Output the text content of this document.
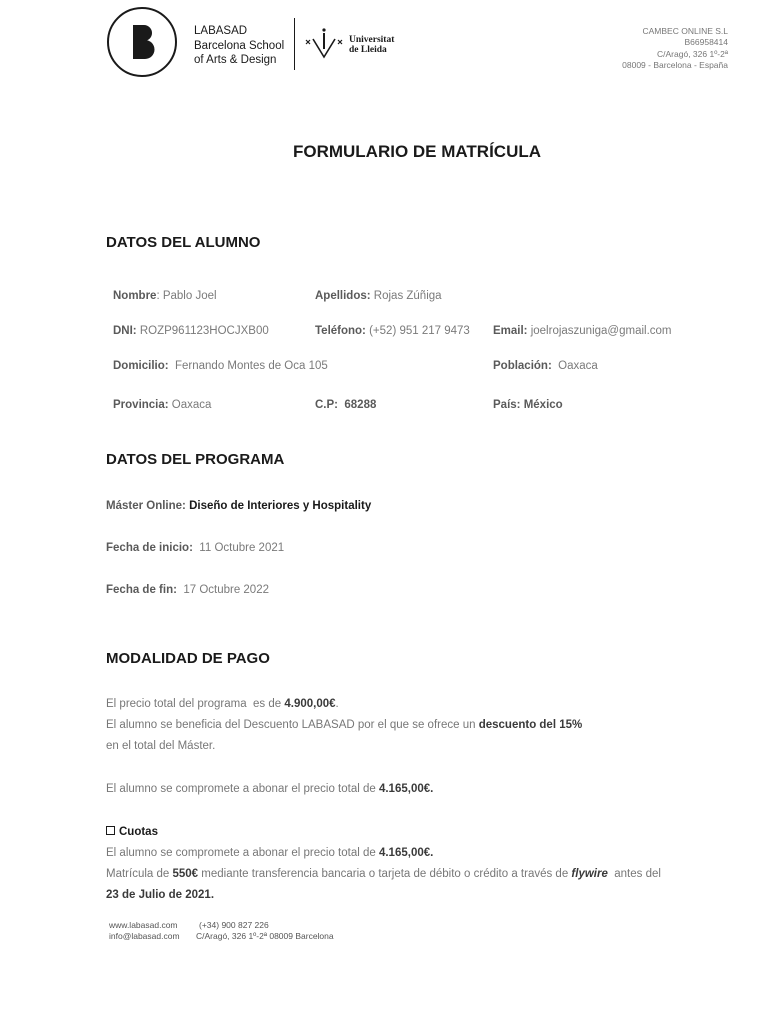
LABASAD
Barcelona School
of Arts & Design
Universitat
de Lleida
CAMBEC ONLINE S.L
B66958414
C/Aragó, 326 1º-2ª
08009 - Barcelona - España
FORMULARIO DE MATRÍCULA
DATOS DEL ALUMNO
Nombre: Pablo Joel	Apellidos: Rojas Zúñiga
DNI: ROZP961123HOCJXB00	Teléfono: (+52) 951 217 9473 Email: joelrojaszuniga@gmail.com
Domicilio:  Fernando Montes de Oca 105	Población:  Oaxaca
Provincia: Oaxaca	C.P:  68288	País: México
DATOS DEL PROGRAMA
Máster Online: Diseño de Interiores y Hospitality
Fecha de inicio:  11 Octubre 2021
Fecha de fin:  17 Octubre 2022
MODALIDAD DE PAGO
El precio total del programa  es de 4.900,00€.
El alumno se beneficia del Descuento LABASAD por el que se ofrece un descuento del 15%
en el total del Máster.
El alumno se compromete a abonar el precio total de 4.165,00€.
Cuotas
El alumno se compromete a abonar el precio total de 4.165,00€.
Matrícula de 550€ mediante transferencia bancaria o tarjeta de débito o crédito a través de flywire  antes del
23 de Julio de 2021.
www.labasad.com	(+34) 900 827 226
info@labasad.com C/Aragó, 326 1º-2ª 08009 Barcelona
